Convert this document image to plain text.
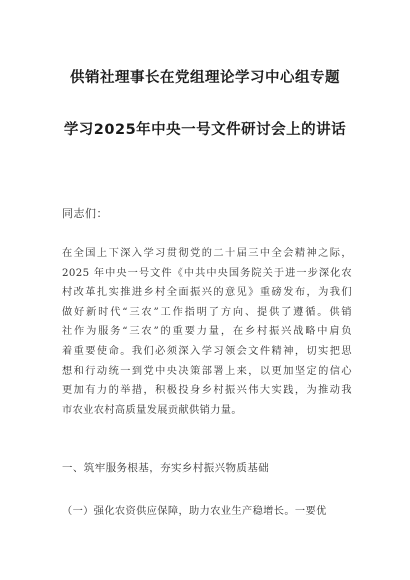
供销社理事长在党组理论学习中心组专题
学习2025年中央一号文件研讨会上的讲话
同志们：
在全国上下深入学习贯彻党的二十届三中全会精神之际，
2025 年中央一号文件《中共中央国务院关于进一步深化农
村改革扎实推进乡村全面振兴的意见》重磅发布，为我们
做好新时代“三农”工作指明了方向、提供了遵循。供销
社作为服务“三农”的重要力量，在乡村振兴战略中肩负
着重要使命。我们必须深入学习领会文件精神，切实把思
想和行动统一到党中央决策部署上来，以更加坚定的信心
更加有力的举措，积极投身乡村振兴伟大实践，为推动我
市农业农村高质量发展贡献供销力量。
一、筑牢服务根基，夯实乡村振兴物质基础
（一）强化农资供应保障，助力农业生产稳增长。一要优
